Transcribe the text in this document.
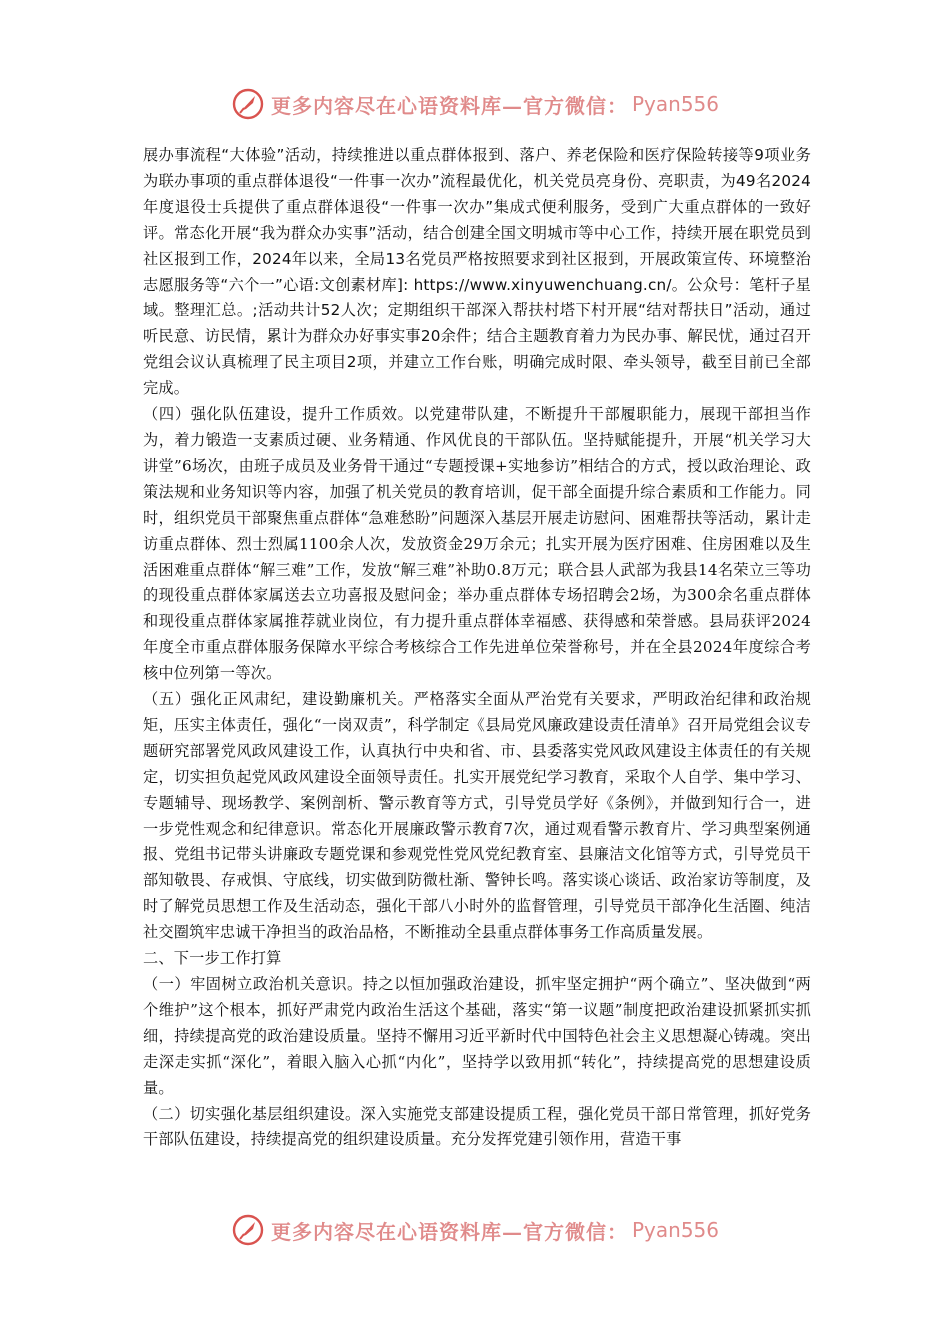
更多内容尽在心语资料库—官方微信： Pyan556

展办事流程“大体验”活动，持续推进以重点群体报到、落户、养老保险和医疗保险转接等9项业务为联办事项的重点群体退役“一件事一次办”流程最优化，机关党员亮身份、亮职责，为49名2024年度退役士兵提供了重点群体退役“一件事一次办”集成式便利服务，受到广大重点群体的一致好评。常态化开展“我为群众办实事”活动，结合创建全国文明城市等中心工作，持续开展在职党员到社区报到工作，2024年以来，全局13名党员严格按照要求到社区报到，开展政策宣传、环境整治志愿服务等“六个一”心语:文创素材库]: https://www.xinyuwenchuang.cn/。公众号：笔杆子星域。整理汇总。;活动共计52人次；定期组织干部深入帮扶村塔下村开展“结对帮扶日”活动，通过听民意、访民情，累计为群众办好事实事20余件；结合主题教育着力为民办事、解民忧，通过召开党组会议认真梳理了民主项目2项，并建立工作台账，明确完成时限、牵头领导，截至目前已全部完成。

（四）强化队伍建设，提升工作质效。以党建带队建，不断提升干部履职能力，展现干部担当作为，着力锻造一支素质过硬、业务精通、作风优良的干部队伍。坚持赋能提升，开展“机关学习大讲堂”6场次，由班子成员及业务骨干通过“专题授课+实地参访”相结合的方式，授以政治理论、政策法规和业务知识等内容，加强了机关党员的教育培训，促干部全面提升综合素质和工作能力。同时，组织党员干部聚焦重点群体“急难愁盼”问题深入基层开展走访慰问、困难帮扶等活动，累计走访重点群体、烈士烈属1100余人次，发放资金29万余元；扎实开展为医疗困难、住房困难以及生活困难重点群体“解三难”工作，发放“解三难”补助0.8万元；联合县人武部为我县14名荣立三等功的现役重点群体家属送去立功喜报及慰问金；举办重点群体专场招聘会2场，为300余名重点群体和现役重点群体家属推荐就业岗位，有力提升重点群体幸福感、获得感和荣誉感。县局获评2024年度全市重点群体服务保障水平综合考核综合工作先进单位荣誉称号，并在全县2024年度综合考核中位列第一等次。

（五）强化正风肃纪，建设勤廉机关。严格落实全面从严治党有关要求，严明政治纪律和政治规矩，压实主体责任，强化“一岗双责”，科学制定《县局党风廉政建设责任清单》召开局党组会议专题研究部署党风政风建设工作，认真执行中央和省、市、县委落实党风政风建设主体责任的有关规定，切实担负起党风政风建设全面领导责任。扎实开展党纪学习教育，采取个人自学、集中学习、专题辅导、现场教学、案例剖析、警示教育等方式，引导党员学好《条例》，并做到知行合一，进一步党性观念和纪律意识。常态化开展廉政警示教育7次，通过观看警示教育片、学习典型案例通报、党组书记带头讲廉政专题党课和参观党性党风党纪教育室、县廉洁文化馆等方式，引导党员干部知敬畏、存戒惧、守底线，切实做到防微杜渐、警钟长鸣。落实谈心谈话、政治家访等制度，及时了解党员思想工作及生活动态，强化干部八小时外的监督管理，引导党员干部净化生活圈、纯洁社交圈筑牢忠诚干净担当的政治品格，不断推动全县重点群体事务工作高质量发展。

二、下一步工作打算

（一）牢固树立政治机关意识。持之以恒加强政治建设，抓牢坚定拥护“两个确立”、坚决做到“两个维护”这个根本，抓好严肃党内政治生活这个基础，落实“第一议题”制度把政治建设抓紧抓实抓细，持续提高党的政治建设质量。坚持不懈用习近平新时代中国特色社会主义思想凝心铸魂。突出走深走实抓“深化”，着眼入脑入心抓“内化”，坚持学以致用抓“转化”，持续提高党的思想建设质量。

（二）切实强化基层组织建设。深入实施党支部建设提质工程，强化党员干部日常管理，抓好党务干部队伍建设，持续提高党的组织建设质量。充分发挥党建引领作用，营造干事

更多内容尽在心语资料库—官方微信： Pyan556
